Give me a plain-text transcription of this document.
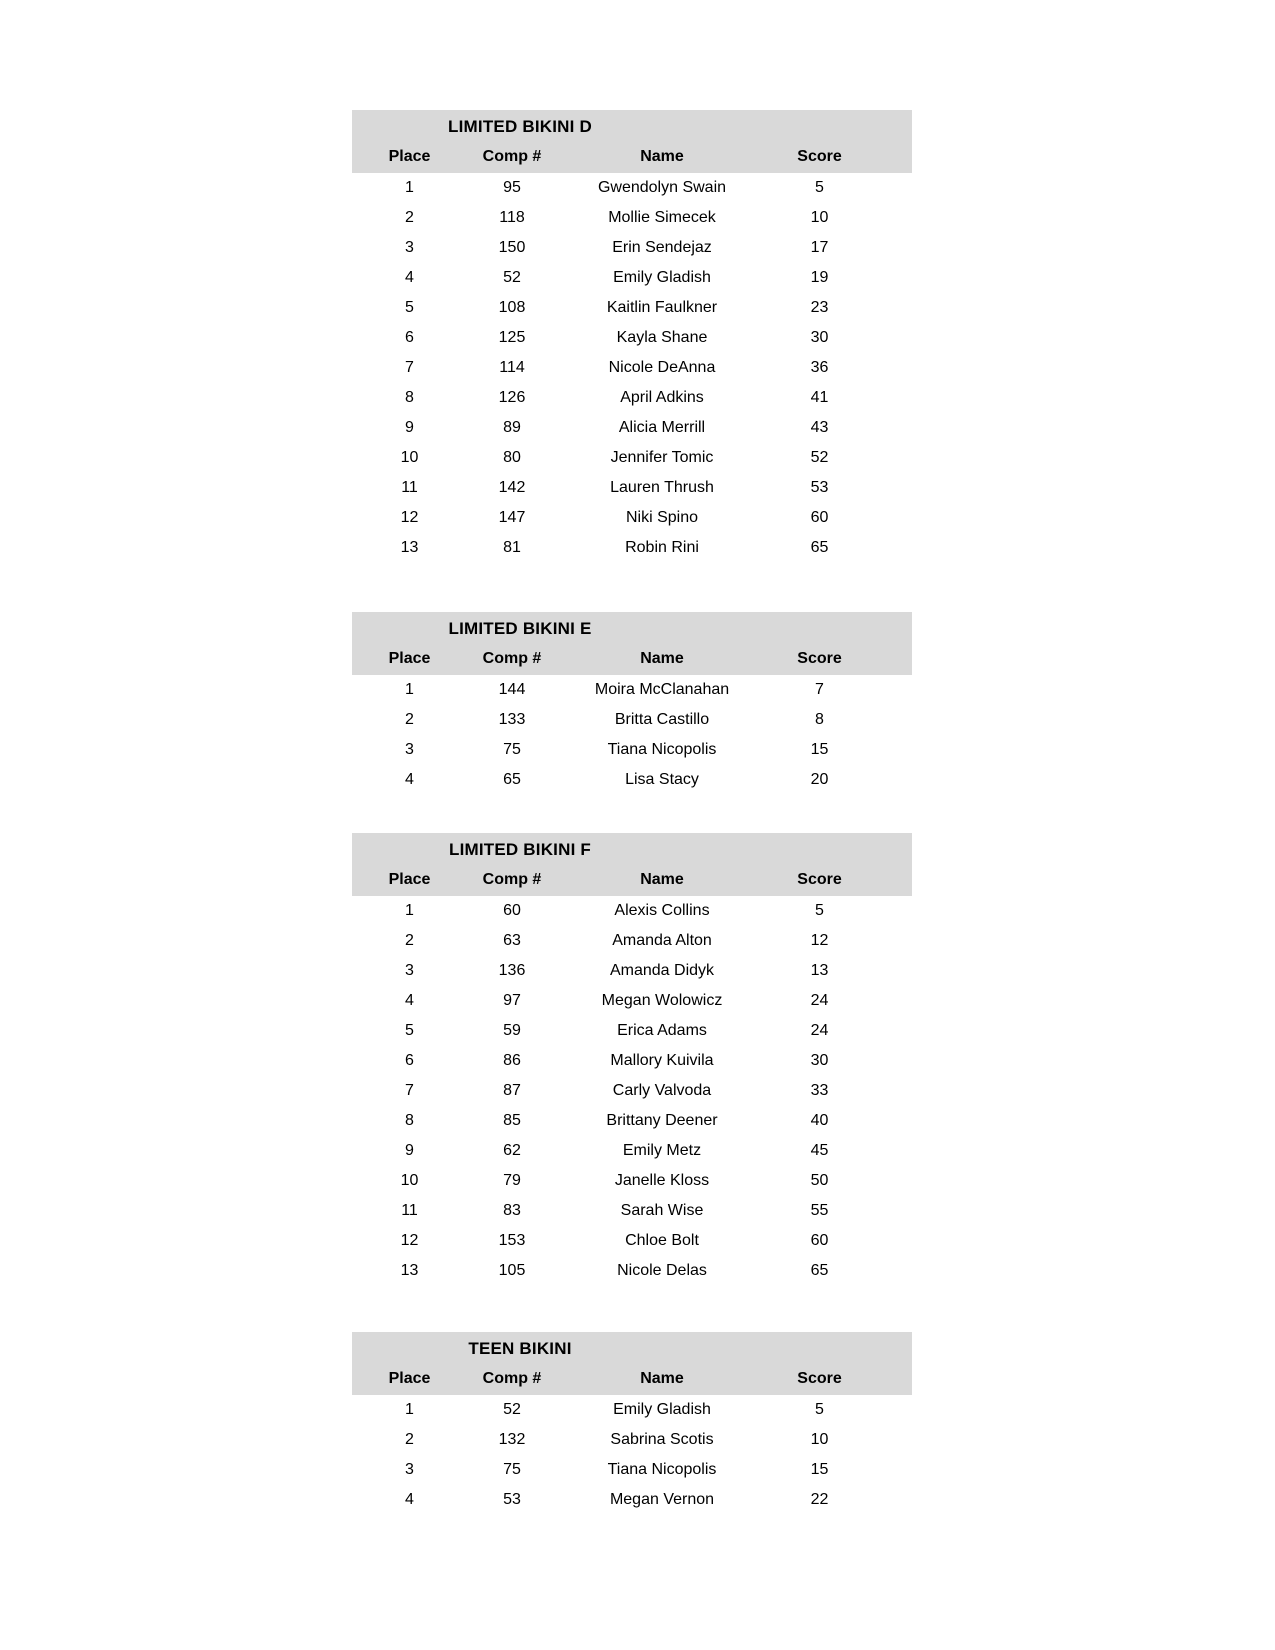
LIMITED BIKINI D
Place	Comp #	Name	Score
1	95	Gwendolyn Swain	5
2	118	Mollie Simecek	10
3	150	Erin Sendejaz	17
4	52	Emily Gladish	19
5	108	Kaitlin Faulkner	23
6	125	Kayla Shane	30
7	114	Nicole DeAnna	36
8	126	April Adkins	41
9	89	Alicia Merrill	43
10	80	Jennifer Tomic	52
11	142	Lauren Thrush	53
12	147	Niki Spino	60
13	81	Robin Rini	65
LIMITED BIKINI E
Place	Comp #	Name	Score
1	144	Moira McClanahan	7
2	133	Britta Castillo	8
3	75	Tiana Nicopolis	15
4	65	Lisa Stacy	20
LIMITED BIKINI F
Place	Comp #	Name	Score
1	60	Alexis Collins	5
2	63	Amanda Alton	12
3	136	Amanda Didyk	13
4	97	Megan Wolowicz	24
5	59	Erica Adams	24
6	86	Mallory Kuivila	30
7	87	Carly Valvoda	33
8	85	Brittany Deener	40
9	62	Emily Metz	45
10	79	Janelle Kloss	50
11	83	Sarah Wise	55
12	153	Chloe Bolt	60
13	105	Nicole Delas	65
TEEN BIKINI
Place	Comp #	Name	Score
1	52	Emily Gladish	5
2	132	Sabrina Scotis	10
3	75	Tiana Nicopolis	15
4	53	Megan Vernon	22
